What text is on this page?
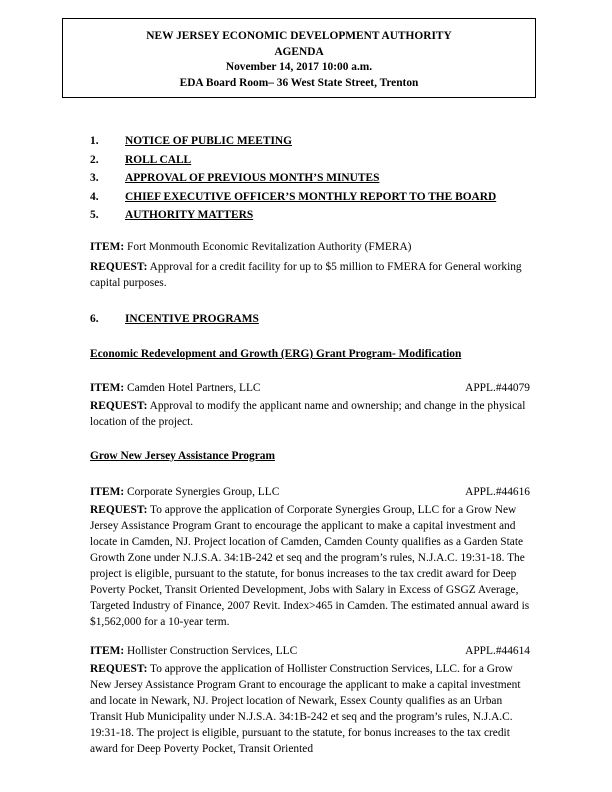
NEW JERSEY ECONOMIC DEVELOPMENT AUTHORITY
AGENDA
November 14, 2017 10:00 a.m.
EDA Board Room– 36 West State Street, Trenton
1.	NOTICE OF PUBLIC MEETING
2.	ROLL CALL
3.	APPROVAL OF PREVIOUS MONTH’S MINUTES
4.	CHIEF EXECUTIVE OFFICER’S MONTHLY REPORT TO THE BOARD
5.	AUTHORITY MATTERS

ITEM: Fort Monmouth Economic Revitalization Authority (FMERA)

REQUEST: Approval for a credit facility for up to $5 million to FMERA for General working capital purposes.

6. INCENTIVE PROGRAMS
Economic Redevelopment and Growth (ERG) Grant Program- Modification
ITEM: Camden Hotel Partners, LLC	APPL.#44079

REQUEST: Approval to modify the applicant name and ownership; and change in the physical location of the project.

Grow New Jersey Assistance Program
ITEM: Corporate Synergies Group, LLC	APPL.#44616

REQUEST: To approve the application of Corporate Synergies Group, LLC for a Grow New Jersey Assistance Program Grant to encourage the applicant to make a capital investment and locate in Camden, NJ. Project location of Camden, Camden County qualifies as a Garden State Growth Zone under N.J.S.A. 34:1B-242 et seq and the program’s rules, N.J.A.C. 19:31-18. The project is eligible, pursuant to the statute, for bonus increases to the tax credit award for Deep Poverty Pocket, Transit Oriented Development, Jobs with Salary in Excess of GSGZ Average, Targeted Industry of Finance, 2007 Revit. Index>465 in Camden. The estimated annual award is $1,562,000 for a 10-year term.

ITEM: Hollister Construction Services, LLC	APPL.#44614

REQUEST: To approve the application of Hollister Construction Services, LLC. for a Grow New Jersey Assistance Program Grant to encourage the applicant to make a capital investment and locate in Newark, NJ. Project location of Newark, Essex County qualifies as an Urban Transit Hub Municipality under N.J.S.A. 34:1B-242 et seq and the program’s rules, N.J.A.C. 19:31-18. The project is eligible, pursuant to the statute, for bonus increases to the tax credit award for Deep Poverty Pocket, Transit Oriented
